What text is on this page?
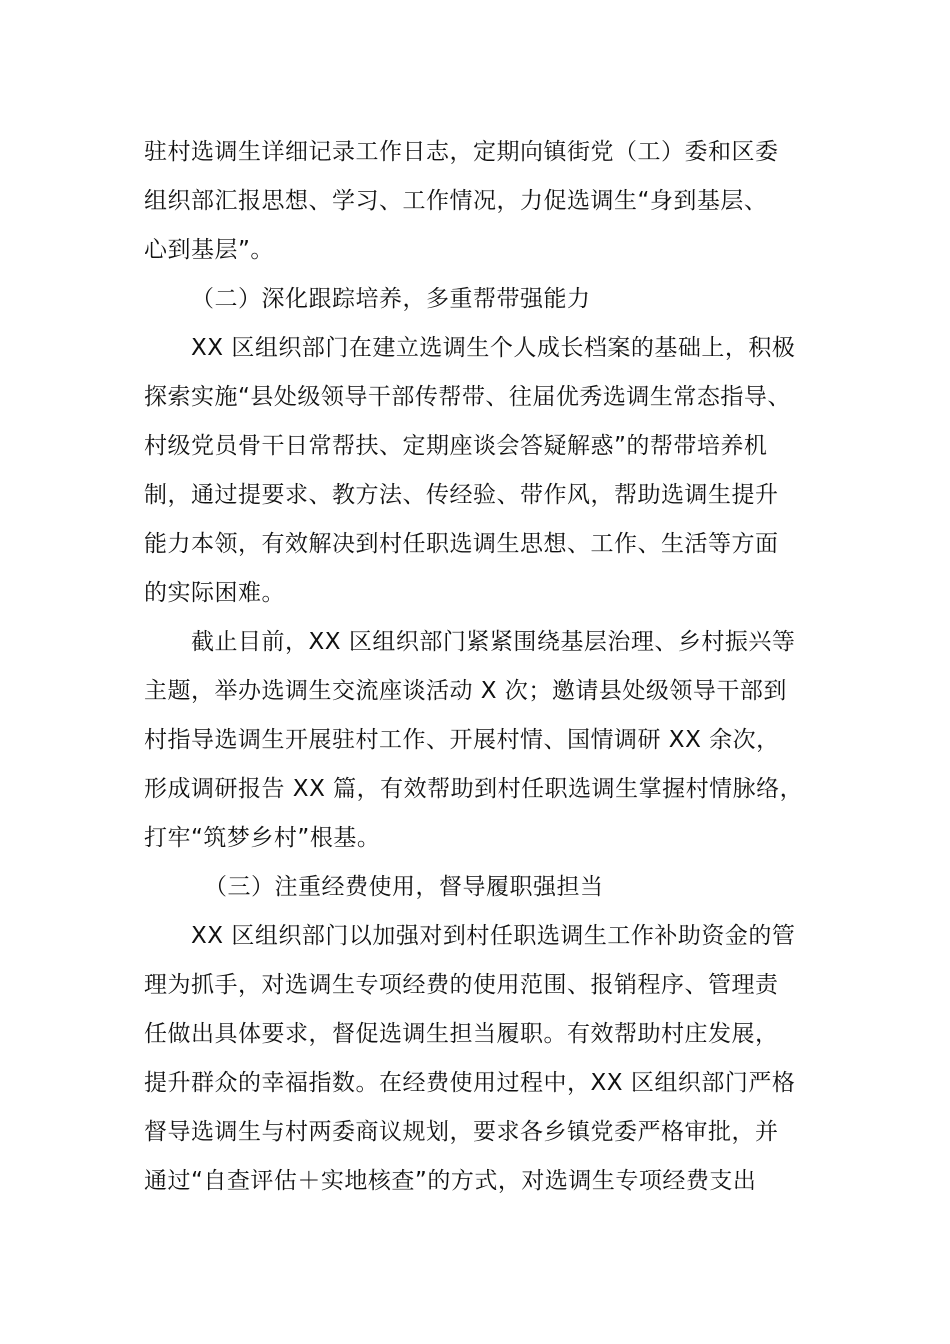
驻村选调生详细记录工作日志，定期向镇街党（工）委和区委
组织部汇报思想、学习、工作情况，力促选调生“身到基层、
心到基层”。
（二）深化跟踪培养，多重帮带强能力
XX 区组织部门在建立选调生个人成长档案的基础上，积极
探索实施“县处级领导干部传帮带、往届优秀选调生常态指导、
村级党员骨干日常帮扶、定期座谈会答疑解惑”的帮带培养机
制，通过提要求、教方法、传经验、带作风，帮助选调生提升
能力本领，有效解决到村任职选调生思想、工作、生活等方面
的实际困难。
截止目前，XX 区组织部门紧紧围绕基层治理、乡村振兴等
主题，举办选调生交流座谈活动 X 次；邀请县处级领导干部到
村指导选调生开展驻村工作、开展村情、国情调研 XX 余次，
形成调研报告 XX 篇，有效帮助到村任职选调生掌握村情脉络，
打牢“筑梦乡村”根基。
（三）注重经费使用，督导履职强担当
XX 区组织部门以加强对到村任职选调生工作补助资金的管
理为抓手，对选调生专项经费的使用范围、报销程序、管理责
任做出具体要求，督促选调生担当履职。有效帮助村庄发展，
提升群众的幸福指数。在经费使用过程中，XX 区组织部门严格
督导选调生与村两委商议规划，要求各乡镇党委严格审批，并
通过“自查评估＋实地核查”的方式，对选调生专项经费支出
